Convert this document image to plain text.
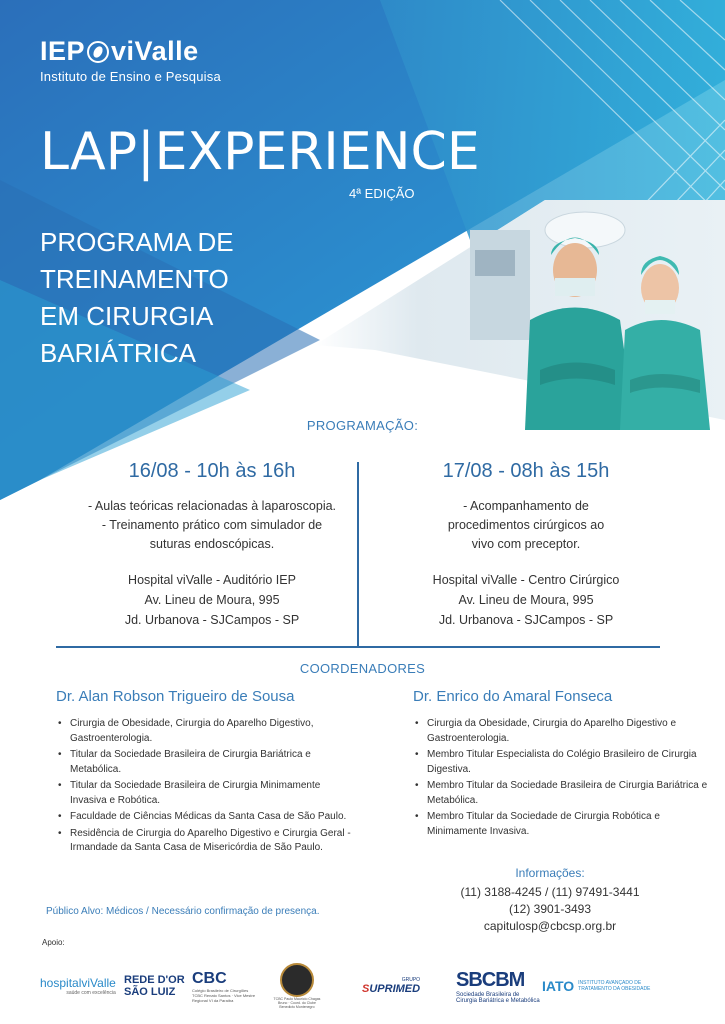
IEP viValle
Instituto de Ensino e Pesquisa
LAP|EXPERIENCE
4ª EDIÇÃO
PROGRAMA DE
TREINAMENTO
EM CIRURGIA
BARIÁTRICA
PROGRAMAÇÃO:
16/08 - 10h às 16h
- Aulas teóricas relacionadas à laparoscopia.
- Treinamento prático com simulador de
suturas endoscópicas.
Hospital viValle - Auditório IEP
Av. Lineu de Moura, 995
Jd. Urbanova - SJCampos - SP
17/08 - 08h às 15h
- Acompanhamento de
procedimentos cirúrgicos ao
vivo com preceptor.
Hospital viValle - Centro Cirúrgico
Av. Lineu de Moura, 995
Jd. Urbanova - SJCampos - SP
COORDENADORES
Dr. Alan Robson Trigueiro de Sousa
• Cirurgia de Obesidade, Cirurgia do Aparelho Digestivo, Gastroenterologia.
• Titular da Sociedade Brasileira de Cirurgia Bariátrica e Metabólica.
• Titular da Sociedade Brasileira de Cirurgia Minimamente Invasiva e Robótica.
• Faculdade de Ciências Médicas da Santa Casa de São Paulo.
• Residência de Cirurgia do Aparelho Digestivo e Cirurgia Geral - Irmandade da Santa Casa de Misericórdia de São Paulo.
Dr. Enrico do Amaral Fonseca
• Cirurgia da Obesidade, Cirurgia do Aparelho Digestivo e Gastroenterologia.
• Membro Titular Especialista do Colégio Brasileiro de Cirurgia Digestiva.
• Membro Titular da Sociedade Brasileira de Cirurgia Bariátrica e Metabólica.
• Membro Titular da Sociedade de Cirurgia Robótica e Minimamente Invasiva.
Público Alvo: Médicos / Necessário confirmação de presença.
Informações:
(11) 3188-4245 / (11) 97491-3441
(12) 3901-3493
capitulosp@cbcsp.org.br
Apoio:
hospitalviValle
saúde com excelência
REDE D'OR
SÃO LUIZ
CBC
Colégio Brasileiro de Cirurgiões
TCBC Renato Santos · Vice Mestre Regional VI da Paraíba	TCBC Paulo Maurício Chagas Bruno · Coord. do Clube Benedicto Montenegro
GRUPO
SUPRIMED SBCBM
Sociedade Brasileira de Cirurgia Bariátrica e Metabólica
IATO INSTITUTO AVANÇADO DE
TRATAMENTO DA OBESIDADE
